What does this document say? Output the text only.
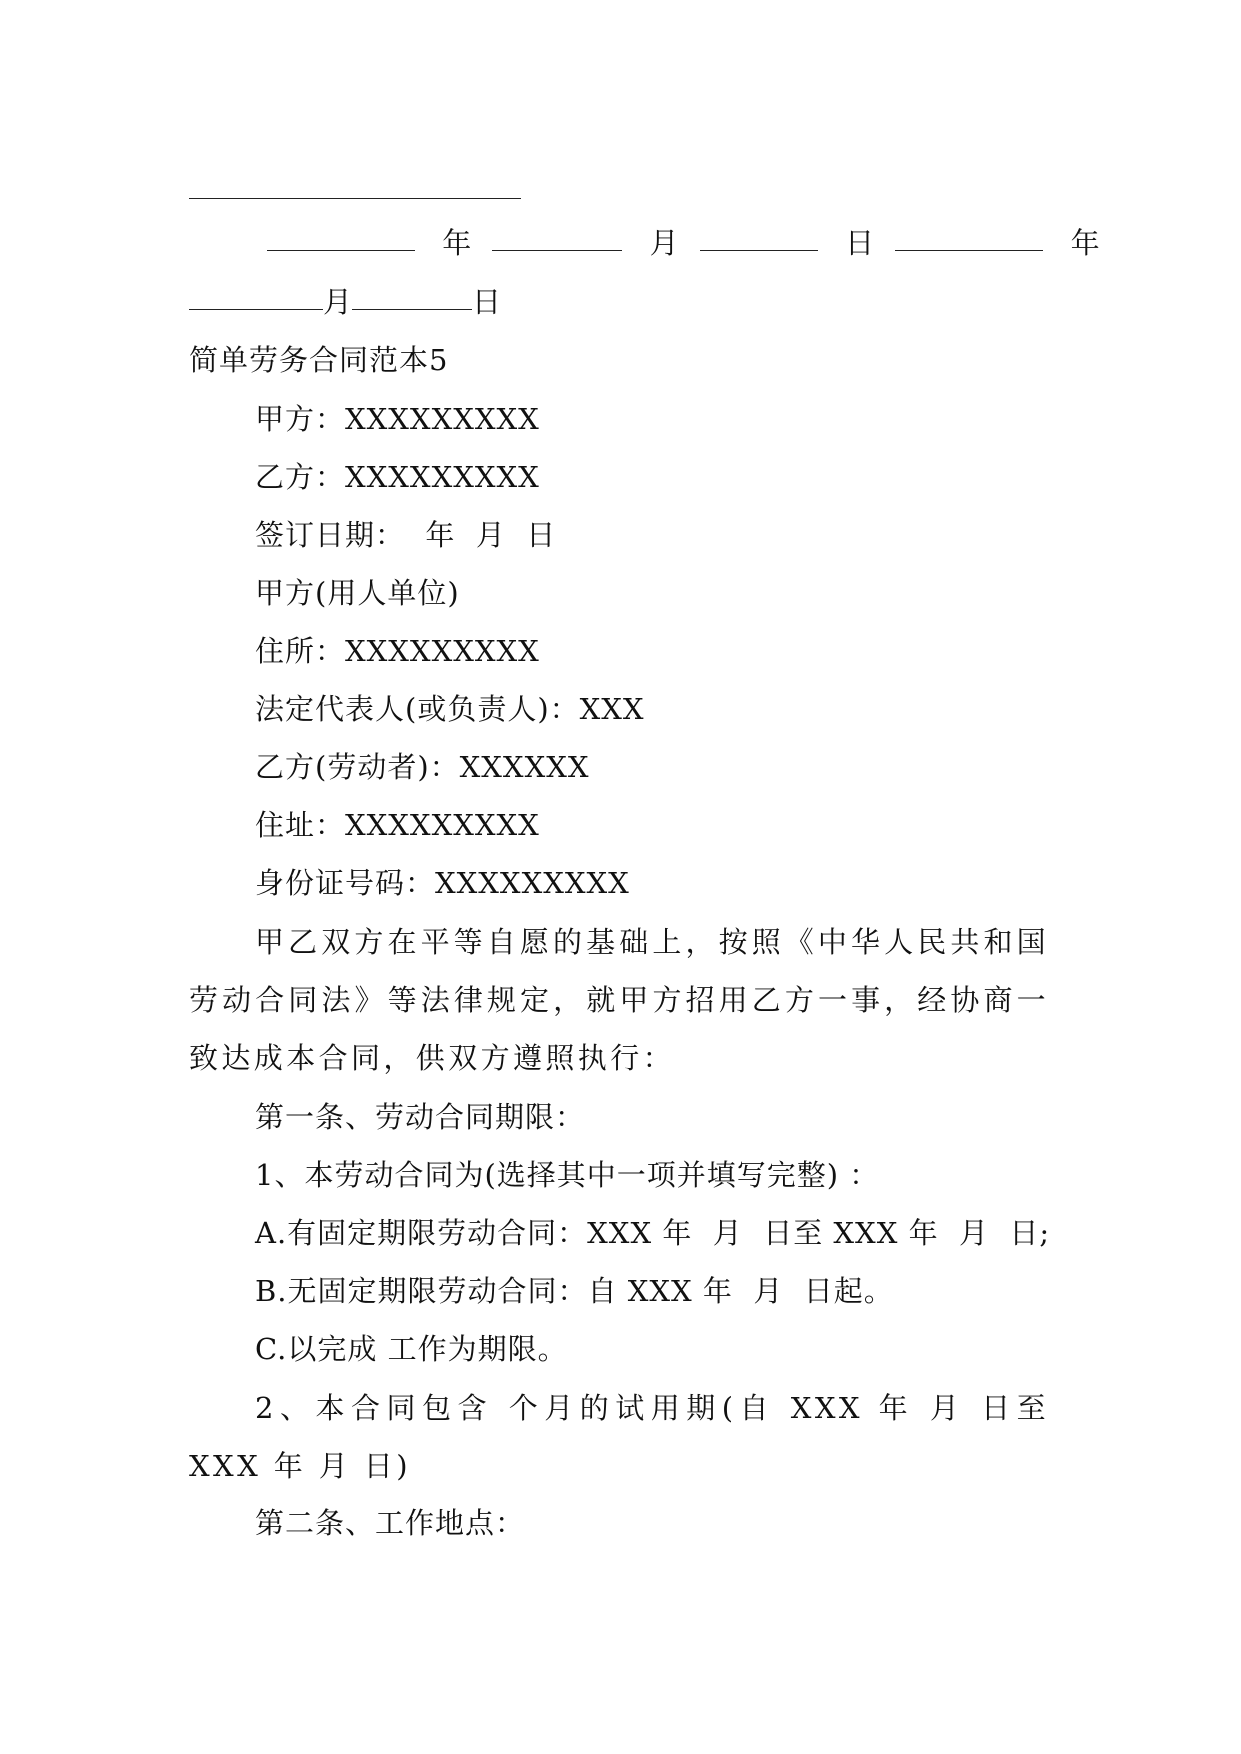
年	月	日	年
月	日
简单劳务合同范本5
甲方：XXXXXXXXX
乙方：XXXXXXXXX
签订日期：  年  月  日
甲方(用人单位)
住所：XXXXXXXXX
法定代表人(或负责人)：XXX
乙方(劳动者)：XXXXXX
住址：XXXXXXXXX
身份证号码：XXXXXXXXX
甲乙双方在平等自愿的基础上，按照《中华人民共和国劳动合同法》等法律规定，就甲方招用乙方一事，经协商一致达成本合同，供双方遵照执行：
第一条、劳动合同期限：
1、本劳动合同为(选择其中一项并填写完整) ：
A.有固定期限劳动合同：XXX 年  月  日至 XXX 年  月  日;
B.无固定期限劳动合同：自 XXX 年  月  日起。
C.以完成 工作为期限。
2、本合同包含 个月的试用期(自 XXX 年 月 日至 XXX 年 月 日)
第二条、工作地点：
